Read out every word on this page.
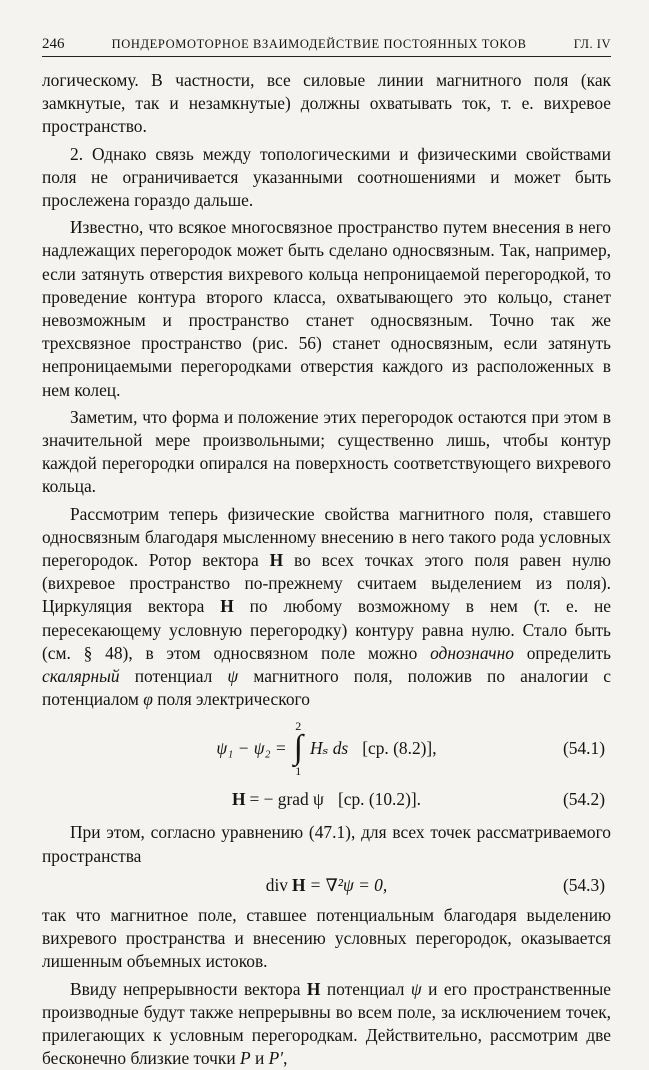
246	ПОНДЕРОМОТОРНОЕ ВЗАИМОДЕЙСТВИЕ ПОСТОЯННЫХ ТОКОВ	ГЛ. IV

логическому. В частности, все силовые линии магнитного поля (как замкнутые, так и незамкнутые) должны охватывать ток, т. е. вихревое пространство.

2. Однако связь между топологическими и физическими свойствами поля не ограничивается указанными соотношениями и может быть прослежена гораздо дальше.

Известно, что всякое многосвязное пространство путем внесения в него надлежащих перегородок может быть сделано односвязным. Так, например, если затянуть отверстия вихревого кольца непроницаемой перегородкой, то проведение контура второго класса, охватывающего это кольцо, станет невозможным и пространство станет односвязным. Точно так же трехсвязное пространство (рис. 56) станет односвязным, если затянуть непроницаемыми перегородками отверстия каждого из расположенных в нем колец.

Заметим, что форма и положение этих перегородок остаются при этом в значительной мере произвольными; существенно лишь, чтобы контур каждой перегородки опирался на поверхность соответствующего вихревого кольца.

Рассмотрим теперь физические свойства магнитного поля, ставшего односвязным благодаря мысленному внесению в него такого рода условных перегородок. Ротор вектора H во всех точках этого поля равен нулю (вихревое пространство по-прежнему считаем выделением из поля). Циркуляция вектора H по любому возможному в нем (т. е. не пересекающему условную перегородку) контуру равна нулю. Стало быть (см. § 48), в этом односвязном поле можно однозначно определить скалярный потенциал ψ магнитного поля, положив по аналогии с потенциалом φ поля электрического

ψ₁ − ψ₂ =
2
∫
1
Hₛ ds [ср. (8.2)],	(54.1)
H = − grad ψ [ср. (10.2)].	(54.2)

При этом, согласно уравнению (47.1), для всех точек рассматриваемого пространства

div H = ∇²ψ = 0,	(54.3)

так что магнитное поле, ставшее потенциальным благодаря выделению вихревого пространства и внесению условных перегородок, оказывается лишенным объемных истоков.

Ввиду непрерывности вектора H потенциал ψ и его пространственные производные будут также непрерывны во всем поле, за исключением точек, прилегающих к условным перегородкам. Действительно, рассмотрим две бесконечно близкие точки P и P′,
